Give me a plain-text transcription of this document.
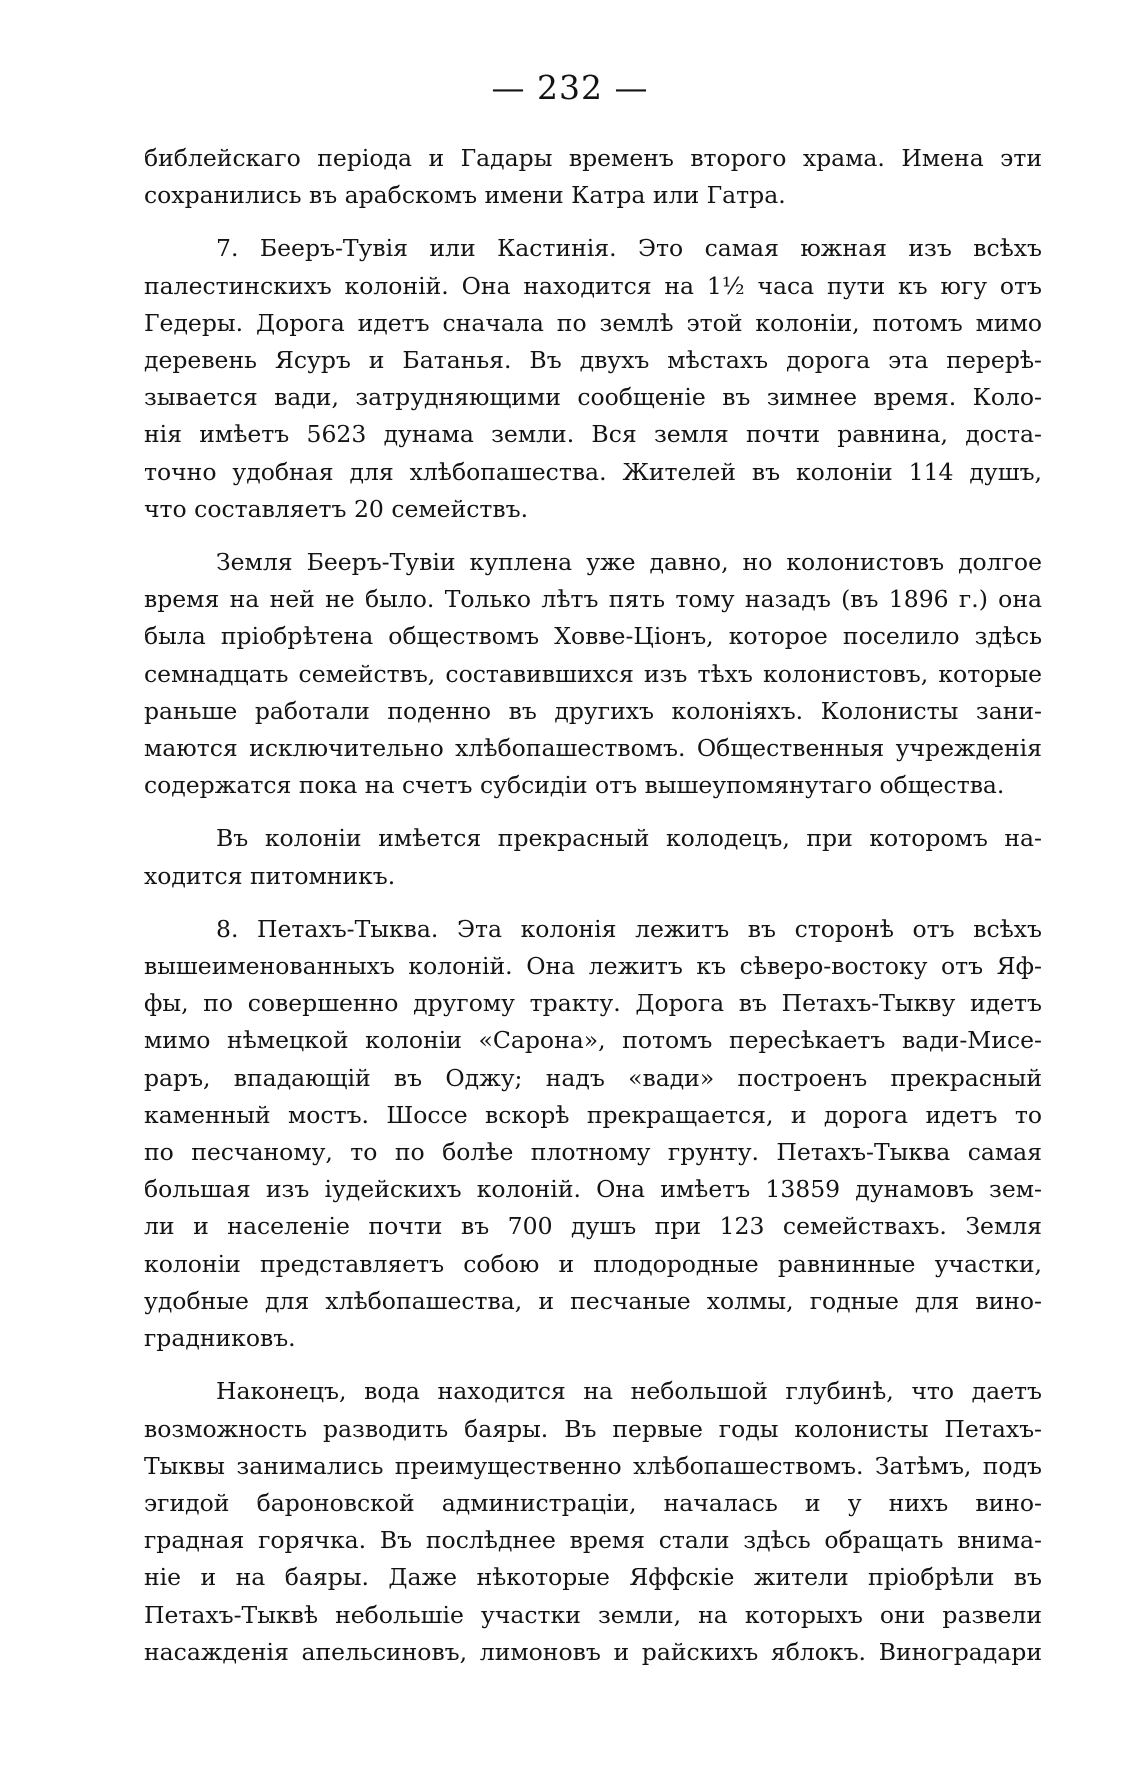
— 232 —
библейскаго періода и Гадары временъ второго храма. Имена эти
сохранились въ арабскомъ имени Катра или Гатра.
7. Бееръ-Тувія или Кастинія. Это самая южная изъ всѣхъ
палестинскихъ колоній. Она находится на 1½ часа пути къ югу отъ
Гедеры. Дорога идетъ сначала по землѣ этой колоніи, потомъ мимо
деревень Ясуръ и Батанья. Въ двухъ мѣстахъ дорога эта перерѣ-
зывается вади, затрудняющими сообщеніе въ зимнее время. Коло-
нія имѣетъ 5623 дунама земли. Вся земля почти равнина, доста-
точно удобная для хлѣбопашества. Жителей въ колоніи 114 душъ,
что составляетъ 20 семействъ.
Земля Бееръ-Тувіи куплена уже давно, но колонистовъ долгое
время на ней не было. Только лѣтъ пять тому назадъ (въ 1896 г.) она
была пріобрѣтена обществомъ Ховве-Ціонъ, которое поселило здѣсь
семнадцать семействъ, составившихся изъ тѣхъ колонистовъ, которые
раньше работали поденно въ другихъ колоніяхъ. Колонисты зани-
маются исключительно хлѣбопашествомъ. Общественныя учрежденія
содержатся пока на счетъ субсидіи отъ вышеупомянутаго общества.
Въ колоніи имѣется прекрасный колодецъ, при которомъ на-
ходится питомникъ.
8. Петахъ-Тыква. Эта колонія лежитъ въ сторонѣ отъ всѣхъ
вышеименованныхъ колоній. Она лежитъ къ сѣверо-востоку отъ Яф-
фы, по совершенно другому тракту. Дорога въ Петахъ-Тыкву идетъ
мимо нѣмецкой колоніи «Сарона», потомъ пересѣкаетъ вади-Мисе-
раръ, впадающій въ Оджу; надъ «вади» построенъ прекрасный
каменный мостъ. Шоссе вскорѣ прекращается, и дорога идетъ то
по песчаному, то по болѣе плотному грунту. Петахъ-Тыква самая
большая изъ іудейскихъ колоній. Она имѣетъ 13859 дунамовъ зем-
ли и населеніе почти въ 700 душъ при 123 семействахъ. Земля
колоніи представляетъ собою и плодородные равнинные участки,
удобные для хлѣбопашества, и песчаные холмы, годные для вино-
градниковъ.
Наконецъ, вода находится на небольшой глубинѣ, что даетъ
возможность разводить баяры. Въ первые годы колонисты Петахъ-
Тыквы занимались преимущественно хлѣбопашествомъ. Затѣмъ, подъ
эгидой бароновской администраціи, началась и у нихъ вино-
градная горячка. Въ послѣднее время стали здѣсь обращать внима-
ніе и на баяры. Даже нѣкоторые Яффскіе жители пріобрѣли въ
Петахъ-Тыквѣ небольшіе участки земли, на которыхъ они развели
насажденія апельсиновъ, лимоновъ и райскихъ яблокъ. Виноградари
